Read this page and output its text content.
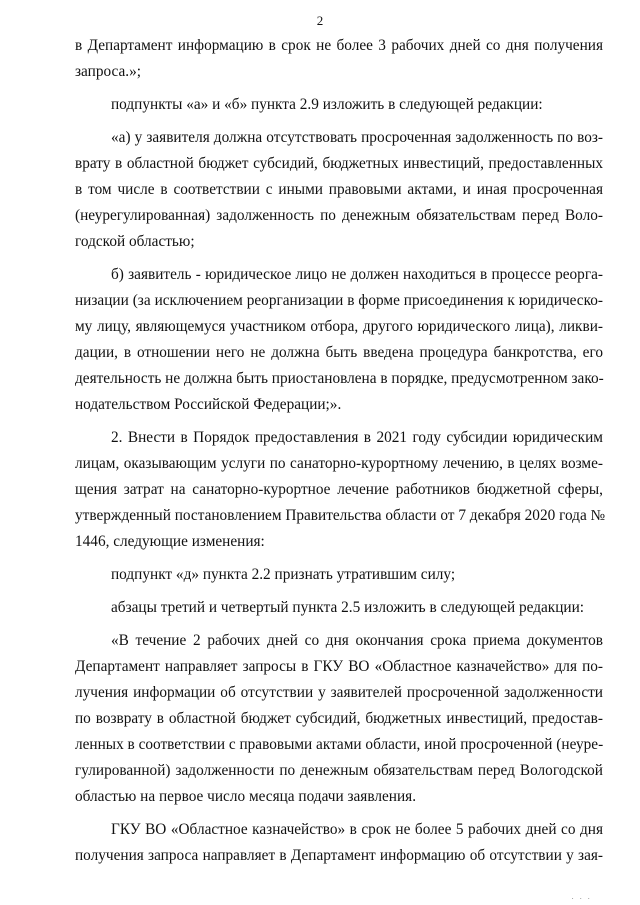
2
в Департамент информацию в срок не более 3 рабочих дней со дня получения
запроса.»;
подпункты «а» и «б» пункта 2.9 изложить в следующей редакции:
«а) у заявителя должна отсутствовать просроченная задолженность по воз-
врату в областной бюджет субсидий, бюджетных инвестиций, предоставленных
в том числе в соответствии с иными правовыми актами, и иная просроченная
(неурегулированная) задолженность по денежным обязательствам перед Воло-
годской областью;
б) заявитель - юридическое лицо не должен находиться в процессе реорга-
низации (за исключением реорганизации в форме присоединения к юридическо-
му лицу, являющемуся участником отбора, другого юридического лица), ликви-
дации, в отношении него не должна быть введена процедура банкротства, его
деятельность не должна быть приостановлена в порядке, предусмотренном зако-
нодательством Российской Федерации;».
2. Внести в Порядок предоставления в 2021 году субсидии юридическим
лицам, оказывающим услуги по санаторно-курортному лечению, в целях возме-
щения затрат на санаторно-курортное лечение работников бюджетной сферы,
утвержденный постановлением Правительства области от 7 декабря 2020 года №
1446, следующие изменения:
подпункт «д» пункта 2.2 признать утратившим силу;
абзацы третий и четвертый пункта 2.5 изложить в следующей редакции:
«В течение 2 рабочих дней со дня окончания срока приема документов
Департамент направляет запросы в ГКУ ВО «Областное казначейство» для по-
лучения информации об отсутствии у заявителей просроченной задолженности
по возврату в областной бюджет субсидий, бюджетных инвестиций, предостав-
ленных в соответствии с правовыми актами области, иной просроченной (неуре-
гулированной) задолженности по денежным обязательствам перед Вологодской
областью на первое число месяца подачи заявления.
ГКУ ВО «Областное казначейство» в срок не более 5 рабочих дней со дня
получения запроса направляет в Департамент информацию об отсутствии у зая-
· · ·
